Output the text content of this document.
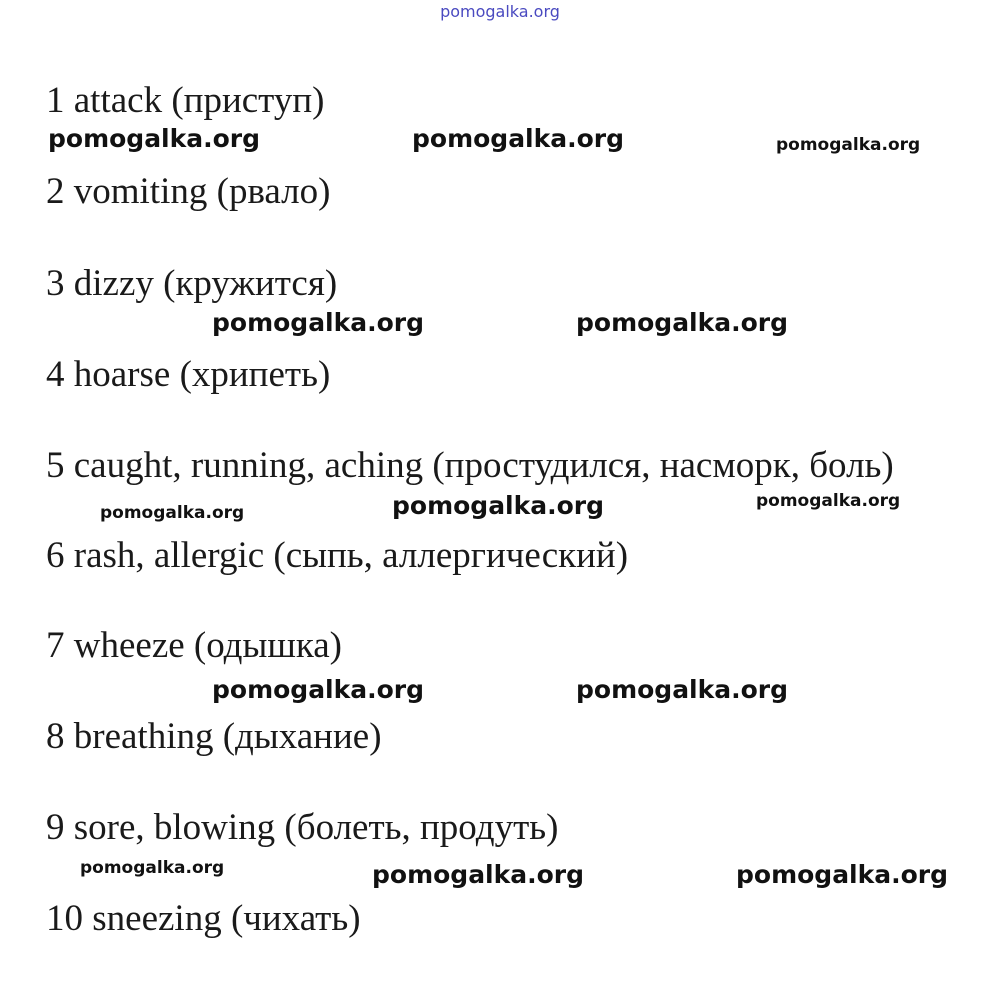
pomogalka.org
1 attack (приступ)
2 vomiting (рвало)
3 dizzy (кружится)
4 hoarse (хрипеть)
5 caught, running, aching (простудился, насморк, боль)
6 rash, allergic (сыпь, аллергический)
7 wheeze (одышка)
8 breathing (дыхание)
9 sore, blowing (болеть, продуть)
10 sneezing (чихать)
pomogalka.org	pomogalka.org	pomogalka.org
pomogalka.org	pomogalka.org
pomogalka.org	pomogalka.org	pomogalka.org
pomogalka.org	pomogalka.org
pomogalka.org	pomogalka.org	pomogalka.org
